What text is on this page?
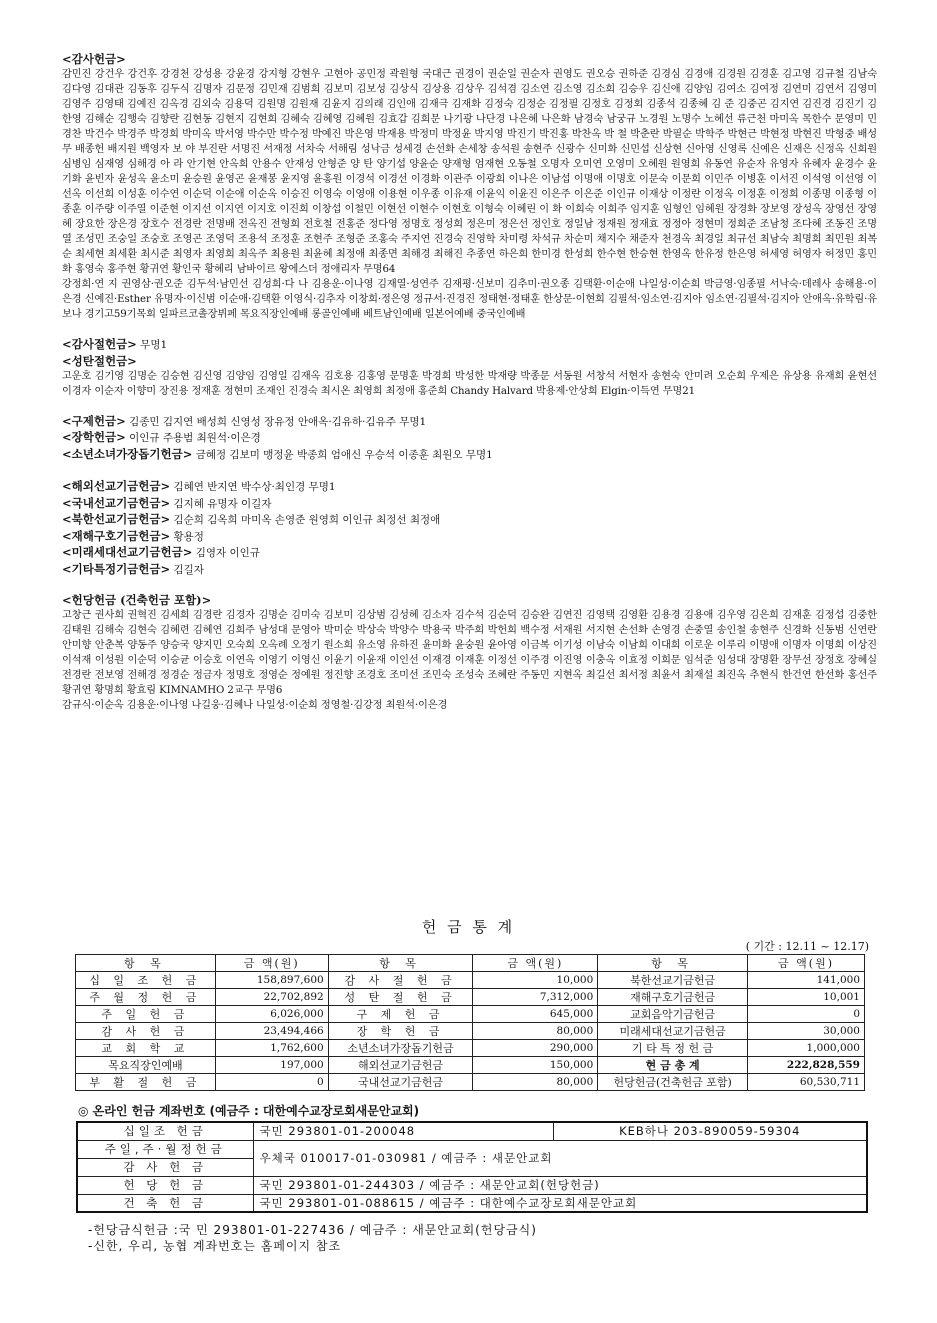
<감사헌금>
감민진 강건우 강건후 강경천 강성용 강윤경 강지형 강현우 고현아 공민정 곽원형 국대근 권경이 권순일 권순자 권영도 권오승 권하준 김경심 김경애 김경원 김경훈 김고영 김규철 김남숙 김다영 김대관 김동후 김두식 김명자 김문정 김민재 김범희 김보미 김보성 김상식 김상용 김상우 김석겸 김소연 김소영 김소희 김승우 김신애 김양임 김여소 김여정 김연미 김연서 김영미 김영주 김영태 김예진 김옥경 김외숙 김용덕 김원명 김원재 김윤지 김의래 김인애 김재극 김재화 김정숙 김정순 김정필 김정호 김정회 김종석 김종혜 김 준 김중곤 김지연 김진경 김진기 김한영 김해순 김행숙 김향란 김현동 김현지 김현희 김혜숙 김혜영 김혜원 김효갑 김희문 나기광 나단경 나은혜 나은화 남경숙 남궁규 노경원 노명수 노혜선 류근천 마미옥 목한수 문영미 민경찬 박건수 박경주 박경희 박미옥 박서영 박수만 박수정 박예진 박은영 박재용 박정미 박정윤 박지영 박진기 박진홍 박찬옥 박 철 박춘란 박필순 박학주 박현근 박현정 박현진 박형중 배성무 배종헌 배지원 백영자 보 야 부진란 서명진 서재정 서차숙 서해림 성낙금 성세경 손선화 손세창 송석원 송현주 신광수 신미화 신민섭 신상현 신아영 신영록 신예은 신재은 신정옥 신희원 심병임 심재영 심해경 아 라 안기현 안옥희 안용수 안재성 안형준 양 탄 양기섭 양윤순 양재형 엄재현 오동철 오명자 오미연 오영미 오혜원 원영희 유동연 유순자 유영자 유혜자 윤경수 윤기화 윤빈자 윤성옥 윤소미 윤승원 윤영곤 윤재봉 윤지영 윤홍원 이경석 이경선 이경화 이관주 이광희 이나은 이남섭 이명애 이명호 이문숙 이문희 이민주 이병훈 이서진 이석영 이선영 이선옥 이선희 이성훈 이수연 이순덕 이순애 이순옥 이승진 이영숙 이영애 이용현 이우종 이유재 이윤익 이윤진 이은주 이은준 이인규 이재상 이정란 이정옥 이정훈 이정희 이종명 이종형 이종훈 이주량 이주열 이준현 이지선 이지연 이지호 이진희 이창섭 이철민 이현선 이현수 이현호 이형숙 이혜린 이 화 이희숙 이희주 임지훈 임형인 임혜원 장경화 장보영 장성옥 장영선 장영혜 장요한 장은경 장호수 전경란 전명배 전옥진 전형희 전호철 전홍준 정다영 정명호 정성희 정은미 정은선 정인호 정일남 정재원 정재효 정정아 정현미 정희준 조남청 조다혜 조동진 조명열 조성민 조숭일 조숭호 조영곤 조영덕 조용석 조정훈 조현주 조형준 조홍숙 주지연 진경숙 진영학 차미령 차석규 차순미 채지수 채준자 천경옥 최경일 최규선 최남숙 최명희 최민원 최복순 최세현 최세환 최시준 최영자 최영희 최옥주 최용원 최윤혜 최정애 최종면 최해경 최해진 추종연 하은희 한미경 한성희 한수현 한승현 한영옥 한유정 한은영 허세영 허영자 허정민 홍민화 홍영숙 홍주현 황귀연 황인국 황혜리 남바이르 왕에스더 정애리자 무명64
강정희·연 지 권영삼·권오준 김두석·남민선 김성희·다 나 김용운·이나영 김재열·성연주 김재평·신보미 김추미·권오종 김택환·이순애 나일성·이순희 박금영·임종필 서낙숙·데레사 송해용·이은경 신예진·Esther 유명자·이신범 이순애·김택환 이영식·김추자 이창희·정은영 정규서·진경진 정태현·정태훈 한상문·이현희 김필석·임소연·김지아 임소연·김필석·김지아 안애옥·유학림·유보나 경기고59기목회 일파르코촐장뷔페 목요직장인예배 롱골인예배 베트남인예배 일본어예배 중국인예배
<감사절헌금> 무명1
<성탄절헌금>
고운호 김기영 김명순 김승현 김신영 김양임 김영일 김재옥 김호용 김홍영 문명훈 박경희 박성한 박재량 박종문 서동원 서창석 서현자 송현숙 안미려 오순희 우제은 유상용 유재희 윤현선 이경자 이순자 이향미 장진용 정재훈 정현미 조재인 진경숙 최시온 최영희 최정애 홍준희 Chandy Halvard 박용제·안상희 Elgin·이득연 무명21
<구제헌금> 김종민 김지연 배성희 신영성 장유정 안애옥·김유하·김유주 무명1
<장학헌금> 이인규 주용범 최원석·이은경
<소년소녀가장돕기헌금> 금혜정 김보미 맹정윤 박종희 엄애신 우승석 이종훈 최원오 무명1
<해외선교기금헌금> 김혜연 반지연 박수상·최인경 무명1
<국내선교기금헌금> 김지혜 유명자 이길자
<북한선교기금헌금> 김순희 김옥희 마미옥 손영준 원영희 이인규 최정선 최정애
<재해구호기금헌금> 황용정
<미래세대선교기금헌금> 김영자 이인규
<기타특정기금헌금> 김길자
<헌당헌금 (건축헌금 포함)>
고창근 권사희 권혁진 김세희 김경란 김경자 김명순 김미숙 김보미 김상범 김성혜 김소자 김수석 김순덕 김승완 김연진 김영택 김영환 김용경 김용애 김우영 김은희 김재훈 김정섭 김중한 김태원 김해숙 김현숙 김혜련 김혜연 김희주 남성대 문영아 박미순 박상숙 박양수 박용국 박주희 박헌희 백수정 서재원 서지현 손선화 손영경 손중열 송인철 송현주 신경화 신동범 신연란 안미향 안춘복 양동주 양승국 양지민 오숙희 오옥례 오정기 원소희 유소영 유하진 윤미화 윤숭원 윤아영 이금복 이기성 이남숙 이남희 이대희 이로운 이루리 이명애 이명자 이명희 이상진 이석재 이성원 이순덕 이승균 이승호 이연옥 이영기 이영신 이윤기 이윤재 이인선 이재경 이재훈 이정선 이주경 이진영 이충옥 이효정 이희문 임석준 임성대 장명환 장무선 장정호 장혜실 전경란 전보영 전해경 정경순 정금자 정명호 정영순 정예원 정진향 조경호 조미선 조민숙 조성숙 조혜란 주동민 지현옥 최길선 최서정 최윤서 최재설 최진옥 추현식 한건연 한선화 홍선주 황귀연 황명희 황효림 KIMNAMHO 2교구 무명6
감규식·이순옥 김용운·이나영 나길웅·김혜나 나일성·이순희 정영철·김강정 최원석·이은경
헌 금 통 계
( 기간 : 12.11 ~ 12.17)
항 목	금 액(원)	항 목	금 액(원)	항 목	금 액(원)
십 일 조 헌 금	158,897,600	감 사 절 헌 금	10,000	북한선교기금헌금	141,000
주 월 정 헌 금	22,702,892	성 탄 절 헌 금	7,312,000	재해구호기금헌금	10,001
주 일 헌 금	6,026,000	구 제 헌 금	645,000	교회음악기금헌금	0
감 사 헌 금	23,494,466	장 학 헌 금	80,000	미래세대선교기금헌금	30,000
교 회 학 교	1,762,600	소년소녀가장돕기헌금	290,000	기 타 특 정 헌 금	1,000,000
목요직장인예배	197,000	해외선교기금헌금	150,000	현 금 총 계	222,828,559
부 활 절 헌 금	0	국내선교기금헌금	80,000	헌당헌금(건축헌금 포함)	60,530,711
◎ 온라인 헌금 계좌번호 (예금주 : 대한예수교장로회새문안교회)
십일조 헌금	국민 293801-01-200048	KEB하나 203-890059-59304
주일,주·월정헌금	우체국 010017-01-030981 / 예금주 : 새문안교회	
감 사 헌 금		
헌 당 헌 금	국민 293801-01-244303 / 예금주 : 새문안교회(헌당헌금)	
건 축 헌 금	국민 293801-01-088615 / 예금주 : 대한예수교장로회새문안교회	
-헌당금식헌금 :국 민 293801-01-227436 / 예금주 : 새문안교회(헌당금식)
-신한, 우리, 농협 계좌번호는 홈페이지 참조
